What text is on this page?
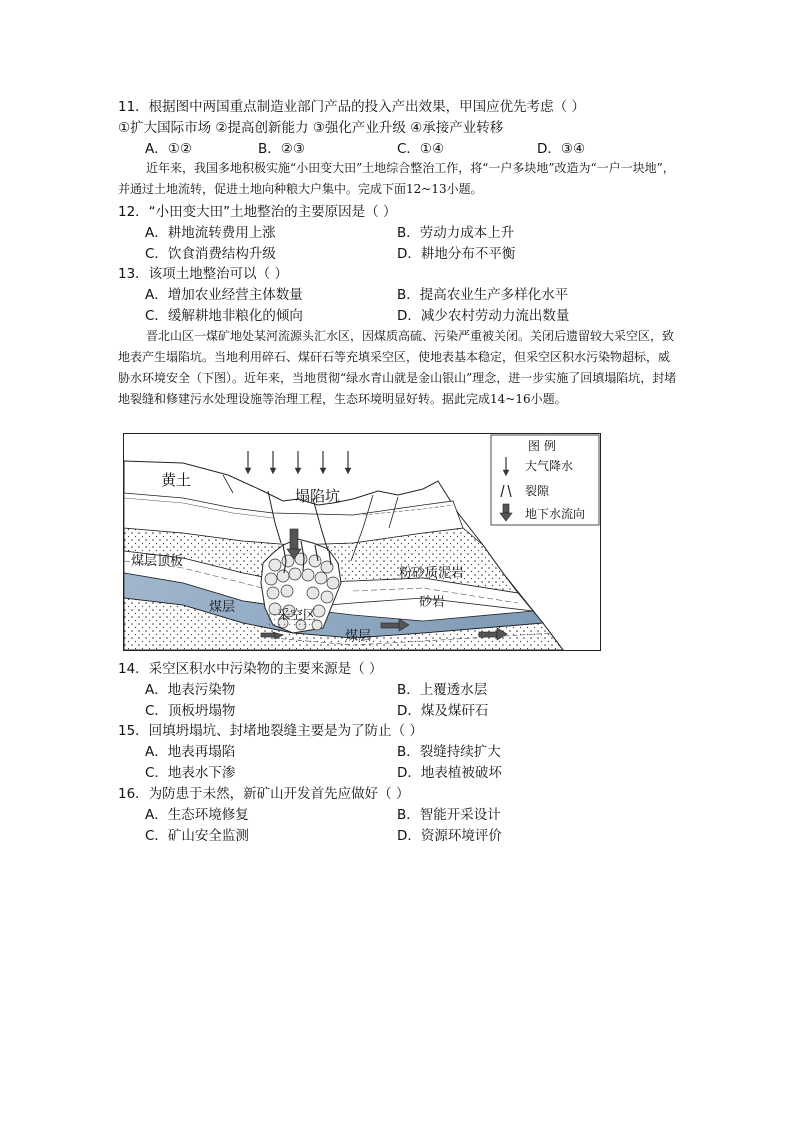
11．根据图中两国重点制造业部门产品的投入产出效果，甲国应优先考虑（ ）
①扩大国际市场 ②提高创新能力 ③强化产业升级 ④承接产业转移
A．①②	B．②③	C．①④	D．③④
近年来，我国多地积极实施“小田变大田”土地综合整治工作，将“一户多块地”改造为“一户一块地”，并通过土地流转，促进土地向种粮大户集中。完成下面12~13小题。
12．“小田变大田”土地整治的主要原因是（ ）
A．耕地流转费用上涨	B．劳动力成本上升
C．饮食消费结构升级	D．耕地分布不平衡
13．该项土地整治可以（ ）
A．增加农业经营主体数量	B．提高农业生产多样化水平
C．缓解耕地非粮化的倾向	D．减少农村劳动力流出数量
晋北山区一煤矿地处某河流源头汇水区，因煤质高硫、污染严重被关闭。关闭后遗留较大采空区，致地表产生塌陷坑。当地利用碎石、煤矸石等充填采空区，使地表基本稳定，但采空区积水污染物超标，威胁水环境安全（下图）。近年来，当地贯彻“绿水青山就是金山银山”理念，进一步实施了回填塌陷坑，封堵地裂缝和修建污水处理设施等治理工程，生态环境明显好转。据此完成14~16小题。
黄土
塌陷坑
煤层顶板
煤层
采空区
煤层
粉砂质泥岩
砂岩
图 例
大气降水
裂隙
地下水流向
14．采空区积水中污染物的主要来源是（ ）
A．地表污染物	B．上覆透水层
C．顶板坍塌物	D．煤及煤矸石
15．回填坍塌坑、封堵地裂缝主要是为了防止（ ）
A．地表再塌陷	B．裂缝持续扩大
C．地表水下渗	D．地表植被破坏
16．为防患于未然，新矿山开发首先应做好（ ）
A．生态环境修复	B．智能开采设计
C．矿山安全监测	D．资源环境评价
